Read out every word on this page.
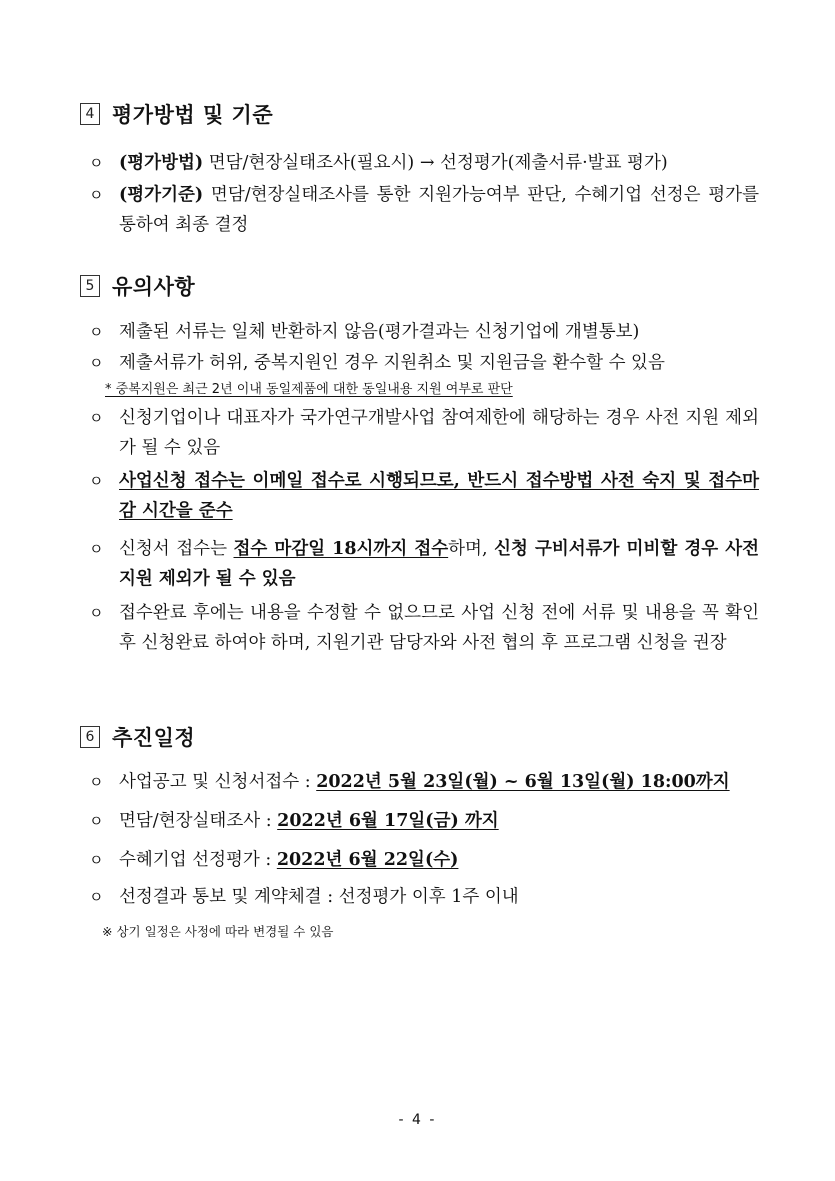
4 평가방법 및 기준
ㅇ (평가방법) 면담/현장실태조사(필요시) → 선정평가(제출서류·발표 평가)
ㅇ (평가기준) 면담/현장실태조사를 통한 지원가능여부 판단, 수혜기업 선정은 평가를 통하여 최종 결정
5 유의사항
ㅇ 제출된 서류는 일체 반환하지 않음(평가결과는 신청기업에 개별통보)
ㅇ 제출서류가 허위, 중복지원인 경우 지원취소 및 지원금을 환수할 수 있음
* 중복지원은 최근 2년 이내 동일제품에 대한 동일내용 지원 여부로 판단
ㅇ 신청기업이나 대표자가 국가연구개발사업 참여제한에 해당하는 경우 사전 지원 제외가 될 수 있음
ㅇ 사업신청 접수는 이메일 접수로 시행되므로, 반드시 접수방법 사전 숙지 및 접수마감 시간을 준수
ㅇ 신청서 접수는 접수 마감일 18시까지 접수하며, 신청 구비서류가 미비할 경우 사전 지원 제외가 될 수 있음
ㅇ 접수완료 후에는 내용을 수정할 수 없으므로 사업 신청 전에 서류 및 내용을 꼭 확인 후 신청완료 하여야 하며, 지원기관 담당자와 사전 협의 후 프로그램 신청을 권장
6 추진일정
ㅇ 사업공고 및 신청서접수 : 2022년 5월 23일(월) ~ 6월 13일(월) 18:00까지
ㅇ 면담/현장실태조사 : 2022년 6월 17일(금) 까지
ㅇ 수혜기업 선정평가 : 2022년 6월 22일(수)
ㅇ 선정결과 통보 및 계약체결 : 선정평가 이후 1주 이내
※ 상기 일정은 사정에 따라 변경될 수 있음
- 4 -
